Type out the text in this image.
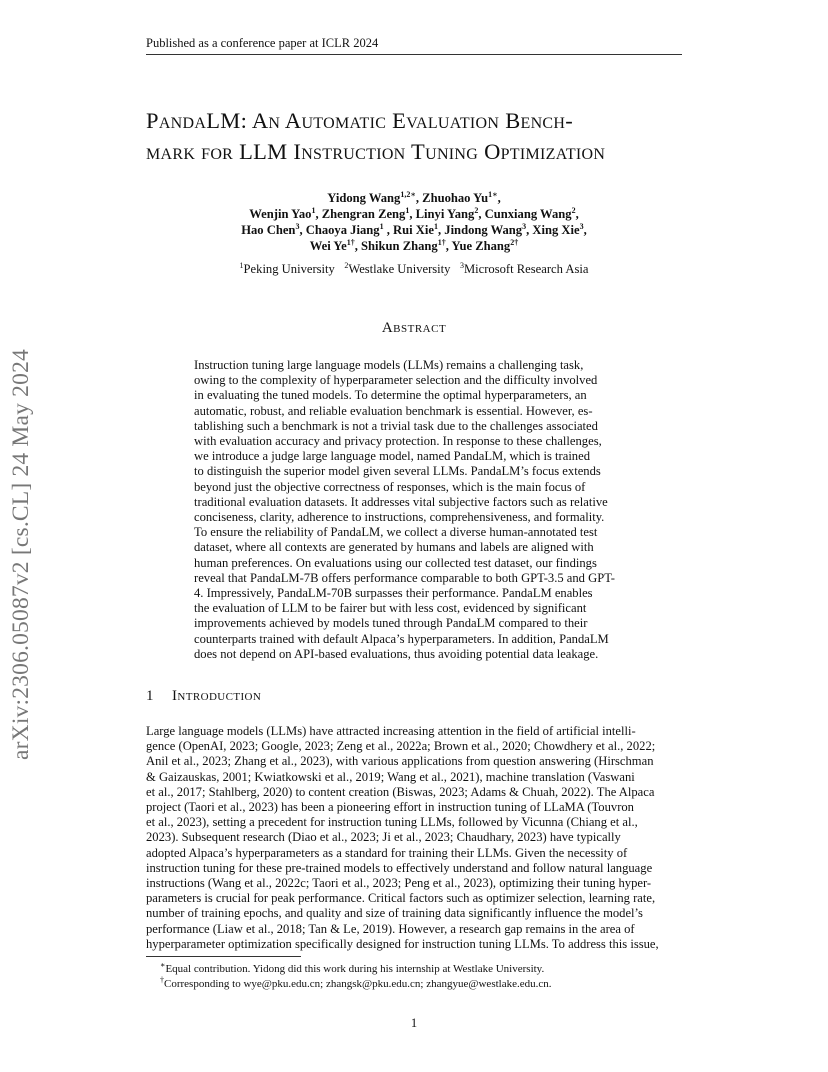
Published as a conference paper at ICLR 2024
arXiv:2306.05087v2 [cs.CL] 24 May 2024
PandaLM: An Automatic Evaluation Bench-
mark for LLM Instruction Tuning Optimization
Yidong Wang$^{1,2∗}$, Zhuohao $Yu^{1∗}$,
Wenjin Yao$^1$, Zhengran Zeng$^1$, Linyi Yang$^2$, Cunxiang Wang$^2$,
Hao Chen$^3$, Chaoya Jiang$^1$ , Rui Xie$^1$, Jindong Wang$^3$, Xing Xie$^3$,
Wei $Ye^{1\dagger}$, Shikun Zhang$^{1\dagger}$, Yue Zhang$^{2\dagger}$
$^1$Peking University $^2$Westlake University $^3$Microsoft Research Asia
Abstract
Instruction tuning large language models (LLMs) remains a challenging task,
owing to the complexity of hyperparameter selection and the difficulty involved
in evaluating the tuned models. To determine the optimal hyperparameters, an
automatic, robust, and reliable evaluation benchmark is essential. However, es-
tablishing such a benchmark is not a trivial task due to the challenges associated
with evaluation accuracy and privacy protection. In response to these challenges,
we introduce a judge large language model, named PandaLM, which is trained
to distinguish the superior model given several LLMs. PandaLM’s focus extends
beyond just the objective correctness of responses, which is the main focus of
traditional evaluation datasets. It addresses vital subjective factors such as relative
conciseness, clarity, adherence to instructions, comprehensiveness, and formality.
To ensure the reliability of PandaLM, we collect a diverse human-annotated test
dataset, where all contexts are generated by humans and labels are aligned with
human preferences. On evaluations using our collected test dataset, our findings
reveal that PandaLM-7B offers performance comparable to both GPT-3.5 and GPT-
4. Impressively, PandaLM-70B surpasses their performance. PandaLM enables
the evaluation of LLM to be fairer but with less cost, evidenced by significant
improvements achieved by models tuned through PandaLM compared to their
counterparts trained with default Alpaca’s hyperparameters. In addition, PandaLM
does not depend on API-based evaluations, thus avoiding potential data leakage.
1 Introduction
Large language models (LLMs) have attracted increasing attention in the field of artificial intelli-
gence (OpenAI, 2023; Google, 2023; Zeng et al., 2022a; Brown et al., 2020; Chowdhery et al., 2022;
Anil et al., 2023; Zhang et al., 2023), with various applications from question answering (Hirschman
& Gaizauskas, 2001; Kwiatkowski et al., 2019; Wang et al., 2021), machine translation (Vaswani
et al., 2017; Stahlberg, 2020) to content creation (Biswas, 2023; Adams & Chuah, 2022). The Alpaca
project (Taori et al., 2023) has been a pioneering effort in instruction tuning of LLaMA (Touvron
et al., 2023), setting a precedent for instruction tuning LLMs, followed by Vicunna (Chiang et al.,
2023). Subsequent research (Diao et al., 2023; Ji et al., 2023; Chaudhary, 2023) have typically
adopted Alpaca’s hyperparameters as a standard for training their LLMs. Given the necessity of
instruction tuning for these pre-trained models to effectively understand and follow natural language
instructions (Wang et al., 2022c; Taori et al., 2023; Peng et al., 2023), optimizing their tuning hyper-
parameters is crucial for peak performance. Critical factors such as optimizer selection, learning rate,
number of training epochs, and quality and size of training data significantly influence the model’s
performance (Liaw et al., 2018; Tan & Le, 2019). However, a research gap remains in the area of
hyperparameter optimization specifically designed for instruction tuning LLMs. To address this issue,
∗Equal contribution. Yidong did this work during his internship at Westlake University.
†Corresponding to wye@pku.edu.cn; zhangsk@pku.edu.cn; zhangyue@westlake.edu.cn.
1
